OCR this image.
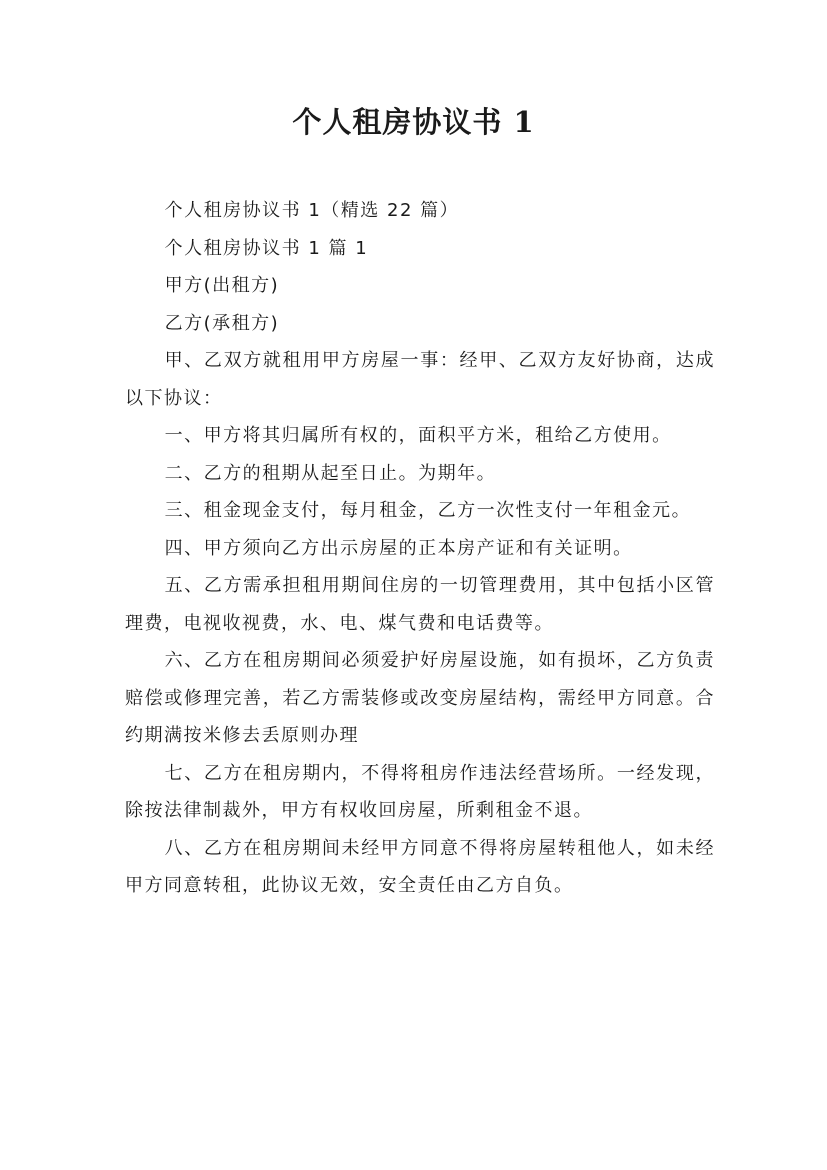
个人租房协议书 1

个人租房协议书 1（精选 22 篇）

个人租房协议书 1 篇 1

甲方(出租方)

乙方(承租方)

甲、乙双方就租用甲方房屋一事：经甲、乙双方友好协商，达成以下协议：

一、甲方将其归属所有权的，面积平方米，租给乙方使用。

二、乙方的租期从起至日止。为期年。

三、租金现金支付，每月租金，乙方一次性支付一年租金元。

四、甲方须向乙方出示房屋的正本房产证和有关证明。

五、乙方需承担租用期间住房的一切管理费用，其中包括小区管理费，电视收视费，水、电、煤气费和电话费等。

六、乙方在租房期间必须爱护好房屋设施，如有损坏，乙方负责赔偿或修理完善，若乙方需装修或改变房屋结构，需经甲方同意。合约期满按米修去丢原则办理

七、乙方在租房期内，不得将租房作违法经营场所。一经发现，除按法律制裁外，甲方有权收回房屋，所剩租金不退。

八、乙方在租房期间未经甲方同意不得将房屋转租他人，如未经甲方同意转租，此协议无效，安全责任由乙方自负。
